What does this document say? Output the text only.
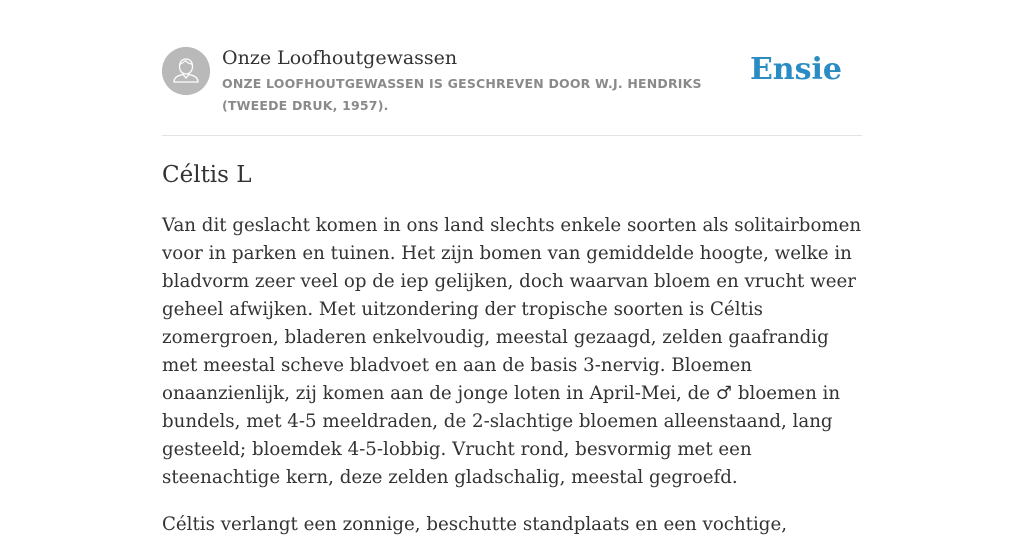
Onze Loofhoutgewassen

ONZE LOOFHOUTGEWASSEN IS GESCHREVEN DOOR W.J. HENDRIKS (TWEEDE DRUK, 1957).

Ensie
Céltis L

Van dit geslacht komen in ons land slechts enkele soorten als solitairbomen voor in parken en tuinen. Het zijn bomen van gemiddelde hoogte, welke in bladvorm zeer veel op de iep gelijken, doch waarvan bloem en vrucht weer geheel afwijken. Met uitzondering der tropische soorten is Céltis zomergroen, bladeren enkelvoudig, meestal gezaagd, zelden gaafrandig met meestal scheve bladvoet en aan de basis 3-nervig. Bloemen onaanzienlijk, zij komen aan de jonge loten in April-Mei, de ♂ bloemen in bundels, met 4-5 meeldraden, de 2-slachtige bloemen alleenstaand, lang gesteeld; bloemdek 4-5-lobbig. Vrucht rond, besvormig met een steenachtige kern, deze zelden gladschalig, meestal gegroefd.

Céltis verlangt een zonnige, beschutte standplaats en een vochtige,
